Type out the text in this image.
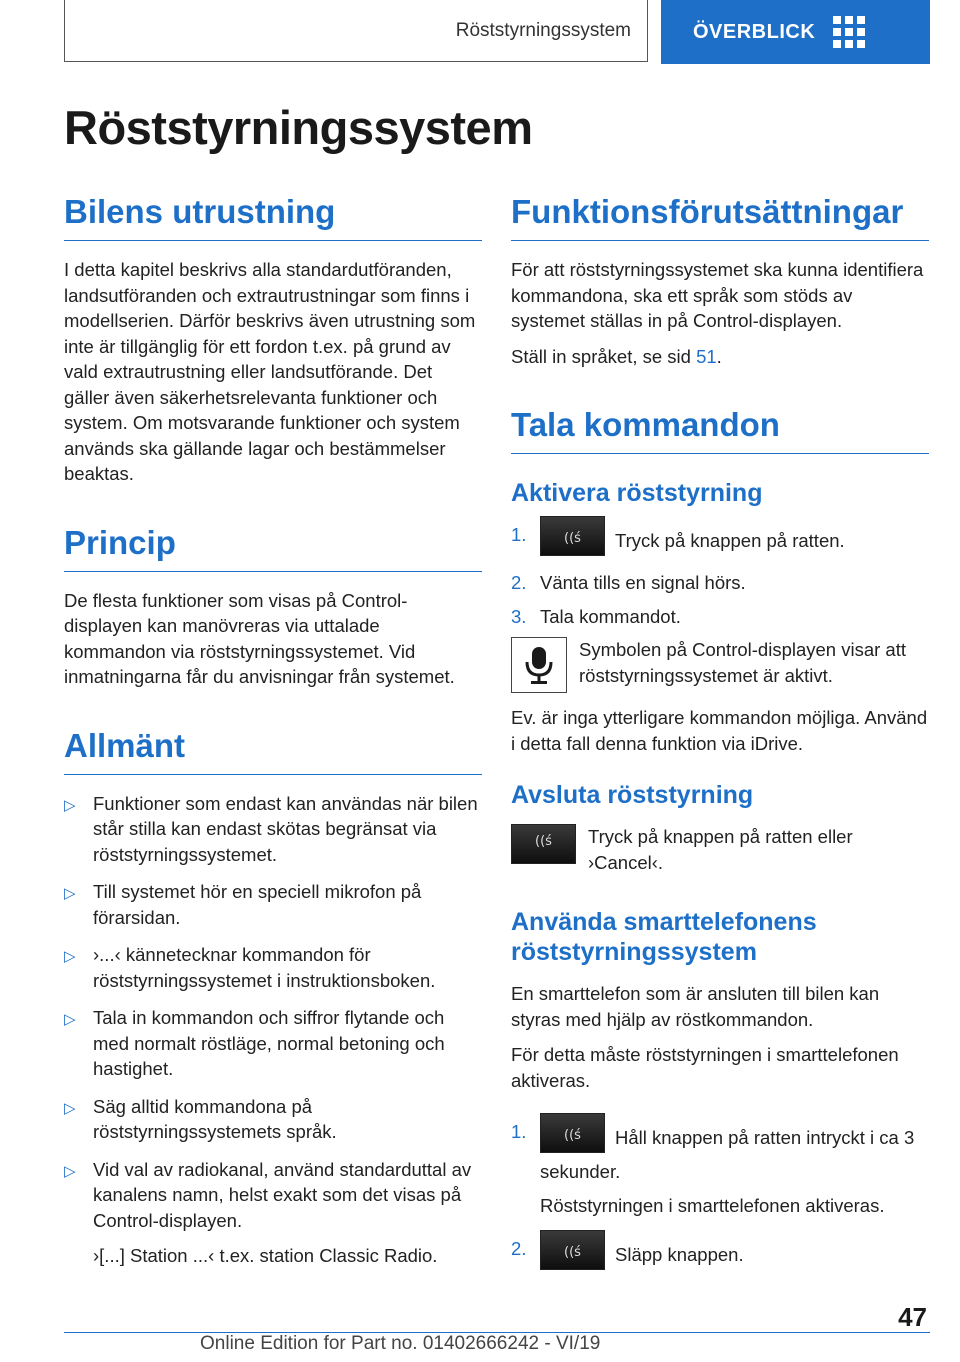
Röststyrningssystem	ÖVERBLICK
Röststyrningssystem
Bilens utrustning

I detta kapitel beskrivs alla standardutföranden, landsutföranden och extrautrustningar som finns i modellserien. Därför beskrivs även utrustning som inte är tillgänglig för ett fordon t.ex. på grund av vald extrautrustning eller landsutförande. Det gäller även säkerhetsrelevanta funktioner och system. Om motsvarande funktioner och system används ska gällande lagar och bestämmelser beaktas.

Princip

De flesta funktioner som visas på Control-displayen kan manövreras via uttalade kommandon via röststyrningssystemet. Vid inmatningarna får du anvisningar från systemet.

Allmänt
▷ Funktioner som endast kan användas när bilen står stilla kan endast skötas begränsat via röststyrningssystemet.
▷ Till systemet hör en speciell mikrofon på förarsidan.
▷ ›...‹ kännetecknar kommandon för röststyrningssystemet i instruktionsboken.
▷ Tala in kommandon och siffror flytande och med normalt röstläge, normal betoning och hastighet.
▷ Säg alltid kommandona på röststyrningssystemets språk.
▷ Vid val av radiokanal, använd standarduttal av kanalens namn, helst exakt som det visas på Control-displayen.
›[...] Station ...‹ t.ex. station Classic Radio.
Funktionsförutsättningar

För att röststyrningssystemet ska kunna identifiera kommandona, ska ett språk som stöds av systemet ställas in på Control-displayen.

Ställ in språket, se sid 51.

Tala kommandon
Aktivera röststyrning
1.	((ś	Tryck på knappen på ratten.
2. Vänta tills en signal hörs.
3. Tala kommandot.

Symbolen på Control-displayen visar att röststyrningssystemet är aktivt.

Ev. är inga ytterligare kommandon möjliga. Använd i detta fall denna funktion via iDrive.

Avsluta röststyrning
((ś	Tryck på knappen på ratten eller ›Cancel‹.

Använda smarttelefonens röststyrningssystem

En smarttelefon som är ansluten till bilen kan styras med hjälp av röstkommandon.

För detta måste röststyrningen i smarttelefonen aktiveras.

1.	((ś	Håll knappen på ratten intryckt i ca 3 sekunder.
Röststyrningen i smarttelefonen aktiveras.
2.	((ś	Släpp knappen.
47
Online Edition for Part no. 01402666242 - VI/19
